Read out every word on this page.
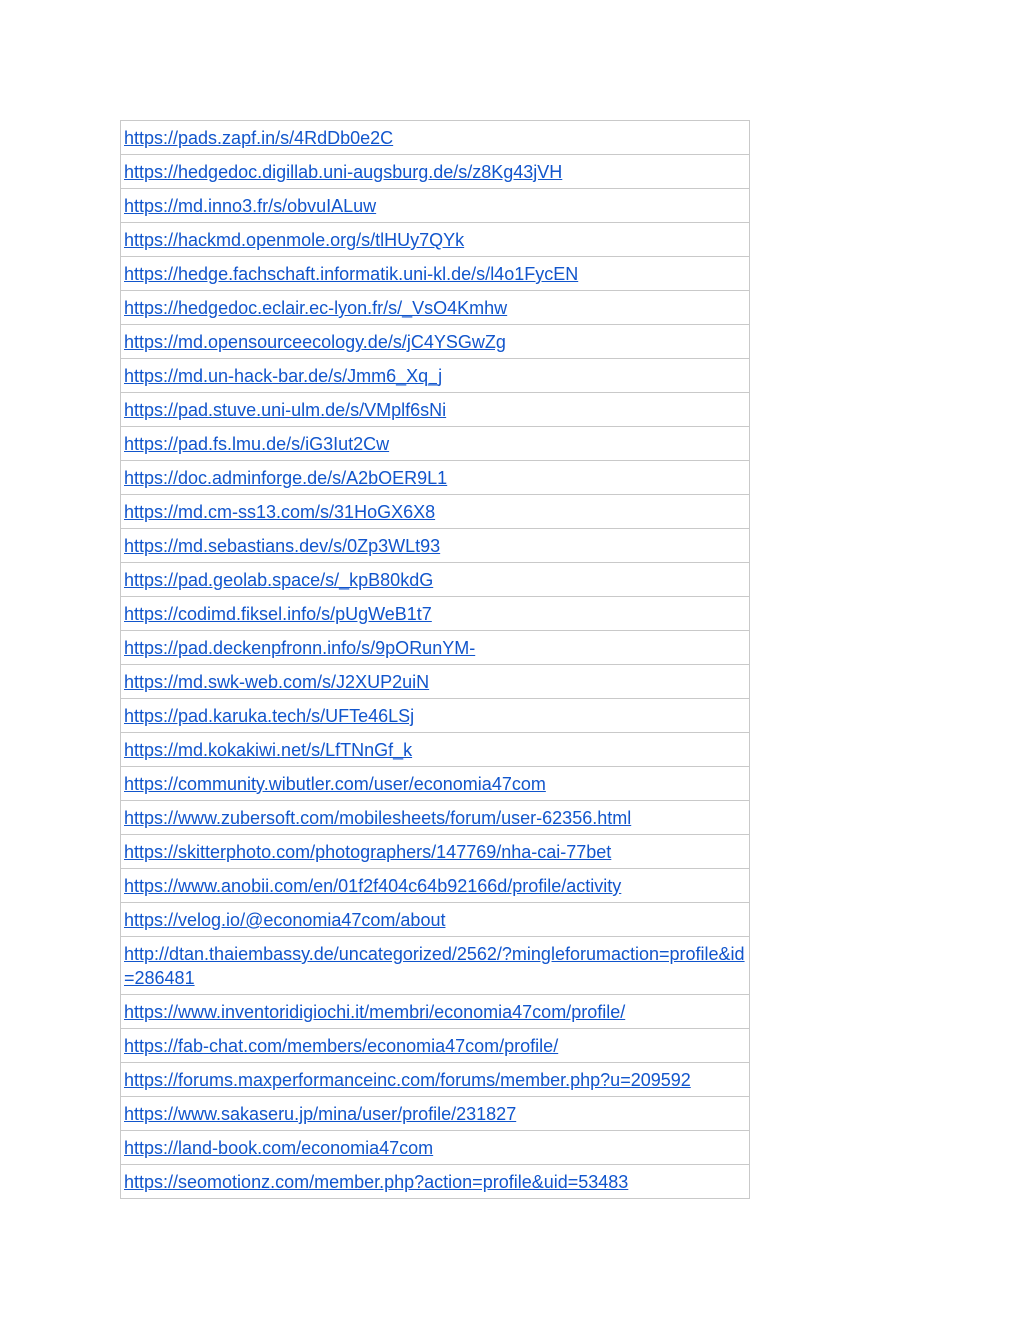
https://pads.zapf.in/s/4RdDb0e2C
https://hedgedoc.digillab.uni-augsburg.de/s/z8Kg43jVH
https://md.inno3.fr/s/obvuIALuw
https://hackmd.openmole.org/s/tlHUy7QYk
https://hedge.fachschaft.informatik.uni-kl.de/s/l4o1FycEN
https://hedgedoc.eclair.ec-lyon.fr/s/_VsO4Kmhw
https://md.opensourceecology.de/s/jC4YSGwZg
https://md.un-hack-bar.de/s/Jmm6_Xq_j
https://pad.stuve.uni-ulm.de/s/VMplf6sNi
https://pad.fs.lmu.de/s/iG3Iut2Cw
https://doc.adminforge.de/s/A2bOER9L1
https://md.cm-ss13.com/s/31HoGX6X8
https://md.sebastians.dev/s/0Zp3WLt93
https://pad.geolab.space/s/_kpB80kdG
https://codimd.fiksel.info/s/pUgWeB1t7
https://pad.deckenpfronn.info/s/9pORunYM-
https://md.swk-web.com/s/J2XUP2uiN
https://pad.karuka.tech/s/UFTe46LSj
https://md.kokakiwi.net/s/LfTNnGf_k
https://community.wibutler.com/user/economia47com
https://www.zubersoft.com/mobilesheets/forum/user-62356.html
https://skitterphoto.com/photographers/147769/nha-cai-77bet
https://www.anobii.com/en/01f2f404c64b92166d/profile/activity
https://velog.io/@economia47com/about
http://dtan.thaiembassy.de/uncategorized/2562/?mingleforumaction=profile&id=286481
https://www.inventoridigiochi.it/membri/economia47com/profile/
https://fab-chat.com/members/economia47com/profile/
https://forums.maxperformanceinc.com/forums/member.php?u=209592
https://www.sakaseru.jp/mina/user/profile/231827
https://land-book.com/economia47com
https://seomotionz.com/member.php?action=profile&uid=53483
